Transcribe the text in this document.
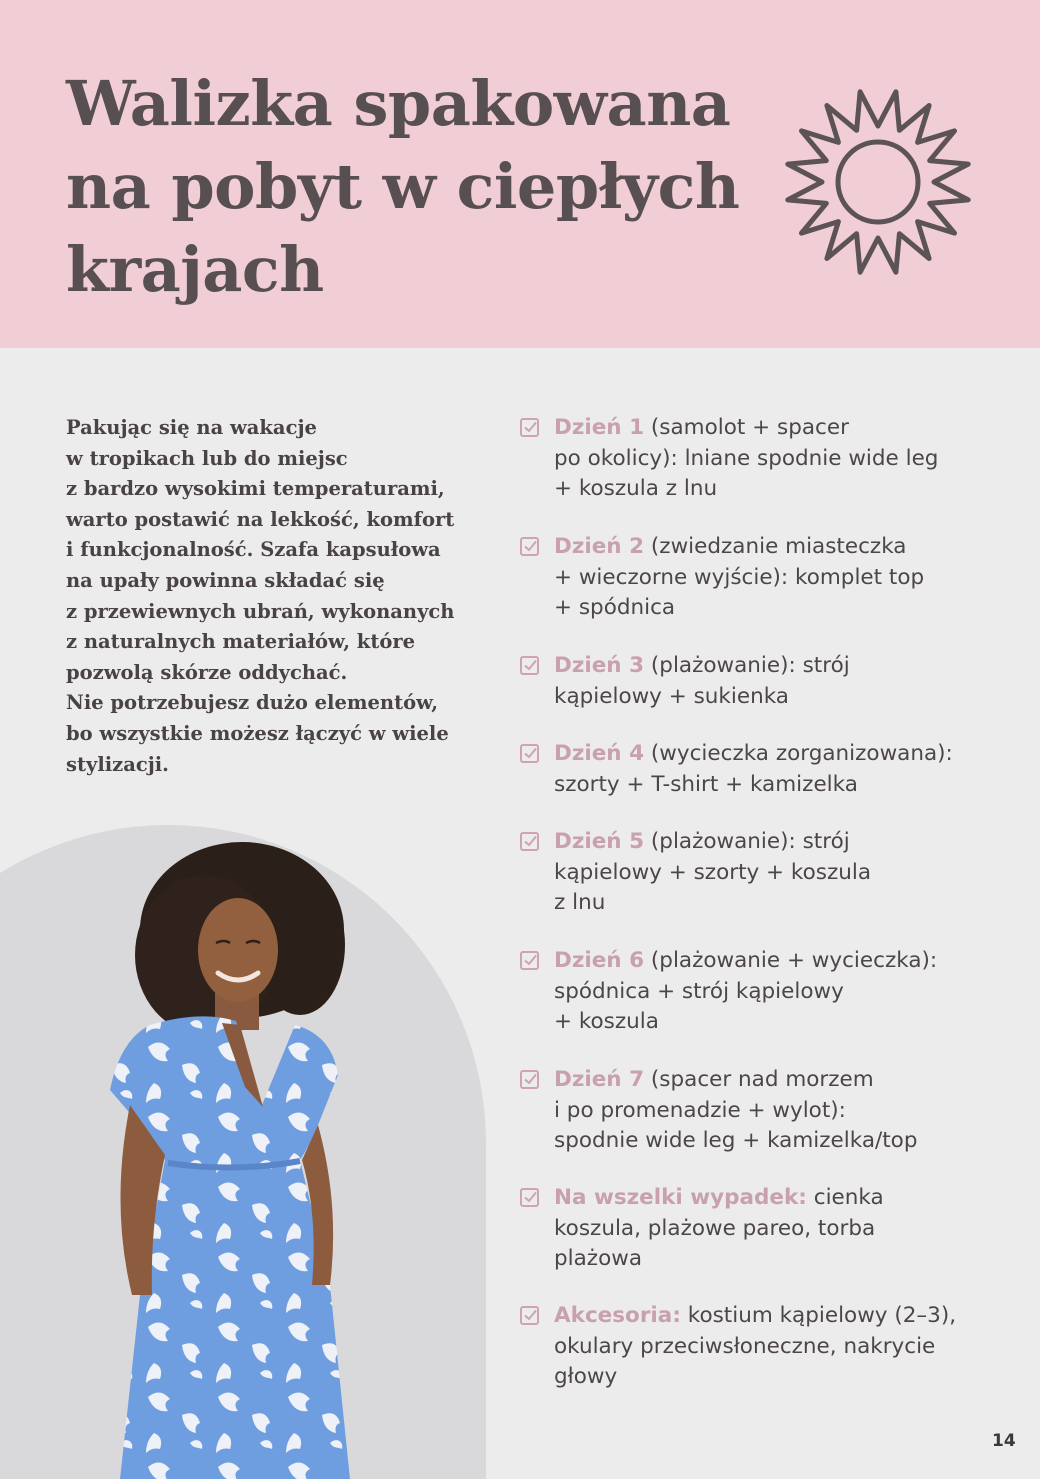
Walizka spakowana
na pobyt w ciepłych
krajach
Pakując się na wakacje
w tropikach lub do miejsc
z bardzo wysokimi temperaturami,
warto postawić na lekkość, komfort
i funkcjonalność. Szafa kapsułowa
na upały powinna składać się
z przewiewnych ubrań, wykonanych
z naturalnych materiałów, które
pozwolą skórze oddychać.
Nie potrzebujesz dużo elementów,
bo wszystkie możesz łączyć w wiele
stylizacji.
Dzień 1 (samolot + spacer
po okolicy): lniane spodnie wide leg
+ koszula z lnu
Dzień 2 (zwiedzanie miasteczka
+ wieczorne wyjście): komplet top
+ spódnica
Dzień 3 (plażowanie): strój
kąpielowy + sukienka
Dzień 4 (wycieczka zorganizowana):
szorty + T-shirt + kamizelka
Dzień 5 (plażowanie): strój
kąpielowy + szorty + koszula
z lnu
Dzień 6 (plażowanie + wycieczka):
spódnica + strój kąpielowy
+ koszula
Dzień 7 (spacer nad morzem
i po promenadzie + wylot):
spodnie wide leg + kamizelka/top
Na wszelki wypadek: cienka
koszula, plażowe pareo, torba
plażowa
Akcesoria: kostium kąpielowy (2–3),
okulary przeciwsłoneczne, nakrycie
głowy
14
